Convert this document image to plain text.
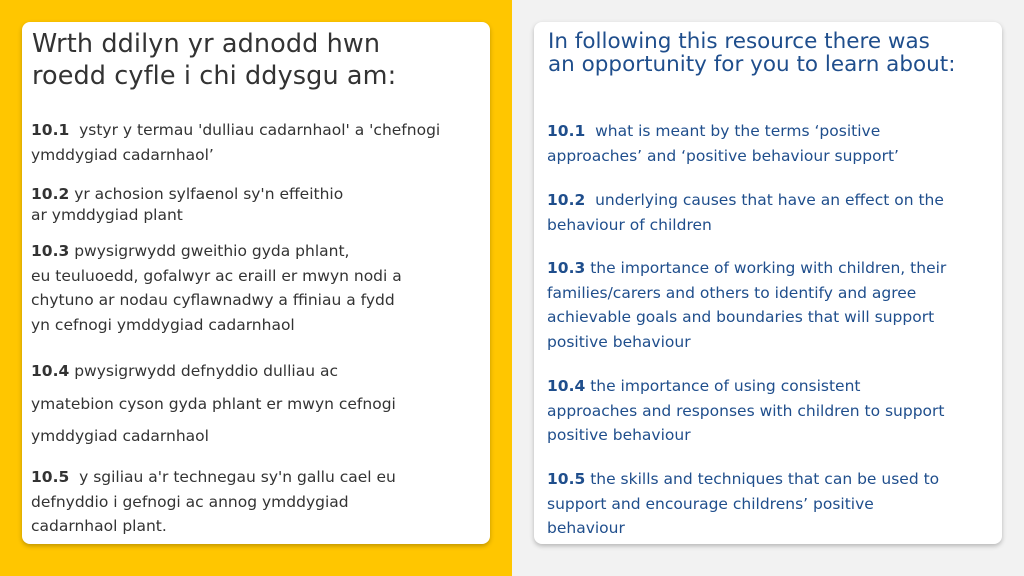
Wrth ddilyn yr adnodd hwn
roedd cyfle i chi ddysgu am:
10.1 ystyr y termau 'dulliau cadarnhaol' a 'chefnogi
ymddygiad cadarnhaol’
10.2 yr achosion sylfaenol sy'n effeithio
ar ymddygiad plant
10.3 pwysigrwydd gweithio gyda phlant,
eu teuluoedd, gofalwyr ac eraill er mwyn nodi a
chytuno ar nodau cyflawnadwy a ffiniau a fydd
yn cefnogi ymddygiad cadarnhaol
10.4 pwysigrwydd defnyddio dulliau ac
ymatebion cyson gyda phlant er mwyn cefnogi
ymddygiad cadarnhaol
10.5 y sgiliau a'r technegau sy'n gallu cael eu
defnyddio i gefnogi ac annog ymddygiad
cadarnhaol plant.
In following this resource there was
an opportunity for you to learn about:
10.1 what is meant by the terms ‘positive
approaches’ and ‘positive behaviour support’
10.2 underlying causes that have an effect on the
behaviour of children
10.3 the importance of working with children, their
families/carers and others to identify and agree
achievable goals and boundaries that will support
positive behaviour
10.4 the importance of using consistent
approaches and responses with children to support
positive behaviour
10.5 the skills and techniques that can be used to
support and encourage childrens’ positive
behaviour
